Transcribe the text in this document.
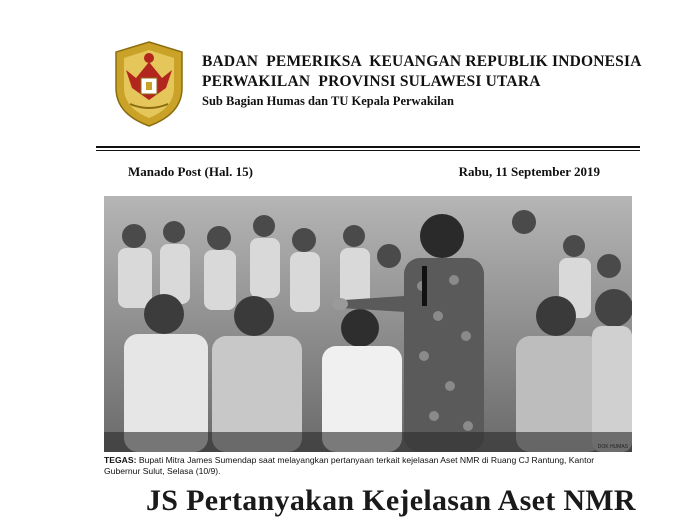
BADAN  PEMERIKSA  KEUANGAN REPUBLIK INDONESIA
PERWAKILAN  PROVINSI SULAWESI UTARA
Sub Bagian Humas dan TU Kepala Perwakilan
Manado Post (Hal. 15)	Rabu, 11 September 2019
DOK HUMAS
TEGAS: Bupati Mitra James Sumendap saat melayangkan pertanyaan terkait kejelasan Aset NMR di Ruang CJ Rantung, Kantor Gubernur Sulut, Selasa (10/9).
JS Pertanyakan Kejelasan Aset NMR
